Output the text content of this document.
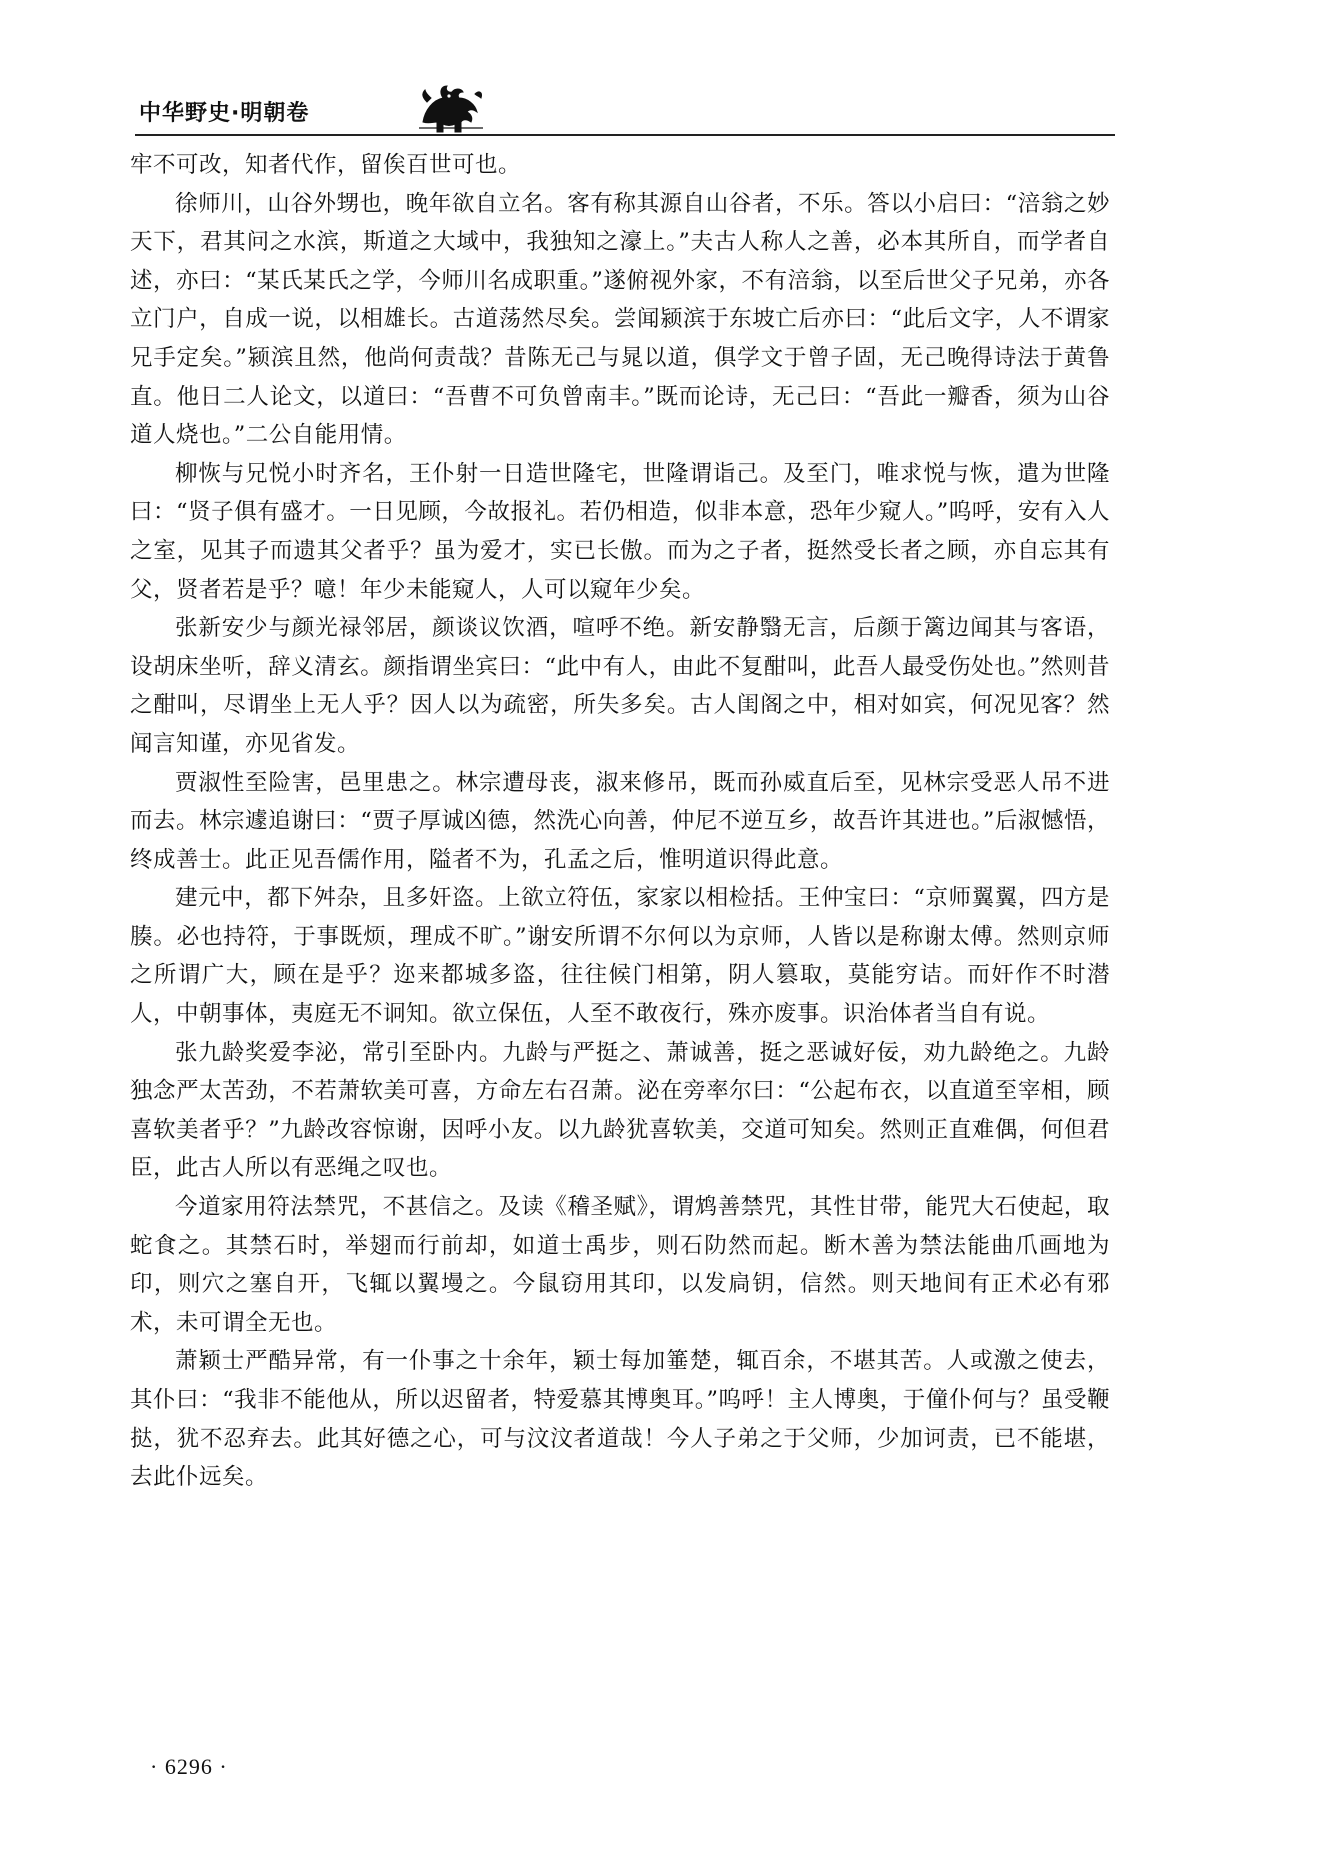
中华野史·明朝卷

牢不可改，知者代作，留俟百世可也。

徐师川，山谷外甥也，晚年欲自立名。客有称其源自山谷者，不乐。答以小启曰：“涪翁之妙天下，君其问之水滨，斯道之大域中，我独知之濠上。”夫古人称人之善，必本其所自，而学者自述，亦曰：“某氏某氏之学，今师川名成职重。”遂俯视外家，不有涪翁，以至后世父子兄弟，亦各立门户，自成一说，以相雄长。古道荡然尽矣。尝闻颍滨于东坡亡后亦曰：“此后文字，人不谓家兄手定矣。”颍滨且然，他尚何责哉？昔陈无己与晁以道，俱学文于曾子固，无己晚得诗法于黄鲁直。他日二人论文，以道曰：“吾曹不可负曾南丰。”既而论诗，无己曰：“吾此一瓣香，须为山谷道人烧也。”二公自能用情。

柳恢与兄悦小时齐名，王仆射一日造世隆宅，世隆谓诣己。及至门，唯求悦与恢，遣为世隆曰：“贤子俱有盛才。一日见顾，今故报礼。若仍相造，似非本意，恐年少窥人。”呜呼，安有入人之室，见其子而遗其父者乎？虽为爱才，实已长傲。而为之子者，挺然受长者之顾，亦自忘其有父，贤者若是乎？噫！年少未能窥人，人可以窥年少矣。

张新安少与颜光禄邻居，颜谈议饮酒，喧呼不绝。新安静翳无言，后颜于篱边闻其与客语，设胡床坐听，辞义清玄。颜指谓坐宾曰：“此中有人，由此不复酣叫，此吾人最受伤处也。”然则昔之酣叫，尽谓坐上无人乎？因人以为疏密，所失多矣。古人闺阁之中，相对如宾，何况见客？然闻言知谨，亦见省发。

贾淑性至险害，邑里患之。林宗遭母丧，淑来修吊，既而孙威直后至，见林宗受恶人吊不进而去。林宗遽追谢曰：“贾子厚诚凶德，然洗心向善，仲尼不逆互乡，故吾许其进也。”后淑憾悟，终成善士。此正见吾儒作用，隘者不为，孔孟之后，惟明道识得此意。

建元中，都下舛杂，且多奸盗。上欲立符伍，家家以相检括。王仲宝曰：“京师翼翼，四方是腠。必也持符，于事既烦，理成不旷。”谢安所谓不尔何以为京师，人皆以是称谢太傅。然则京师之所谓广大，顾在是乎？迩来都城多盗，往往候门相第，阴人篡取，莫能穷诘。而奸作不时潜人，中朝事体，夷庭无不诇知。欲立保伍，人至不敢夜行，殊亦废事。识治体者当自有说。

张九龄奖爱李泌，常引至卧内。九龄与严挺之、萧诚善，挺之恶诚好佞，劝九龄绝之。九龄独念严太苦劲，不若萧软美可喜，方命左右召萧。泌在旁率尔曰：“公起布衣，以直道至宰相，顾喜软美者乎？”九龄改容惊谢，因呼小友。以九龄犹喜软美，交道可知矣。然则正直难偶，何但君臣，此古人所以有恶绳之叹也。

今道家用符法禁咒，不甚信之。及读《稽圣赋》，谓鸩善禁咒，其性甘带，能咒大石使起，取蛇食之。其禁石时，举翅而行前却，如道士禹步，则石阞然而起。断木善为禁法能曲爪画地为印，则穴之塞自开，飞辄以翼墁之。今鼠窃用其印，以发扃钥，信然。则天地间有正术必有邪术，未可谓全无也。

萧颖士严酷异常，有一仆事之十余年，颖士每加箠楚，辄百余，不堪其苦。人或激之使去，其仆曰：“我非不能他从，所以迟留者，特爱慕其博奥耳。”呜呼！主人博奥，于僮仆何与？虽受鞭挞，犹不忍弃去。此其好德之心，可与汶汶者道哉！今人子弟之于父师，少加诃责，已不能堪，去此仆远矣。

· 6296 ·
